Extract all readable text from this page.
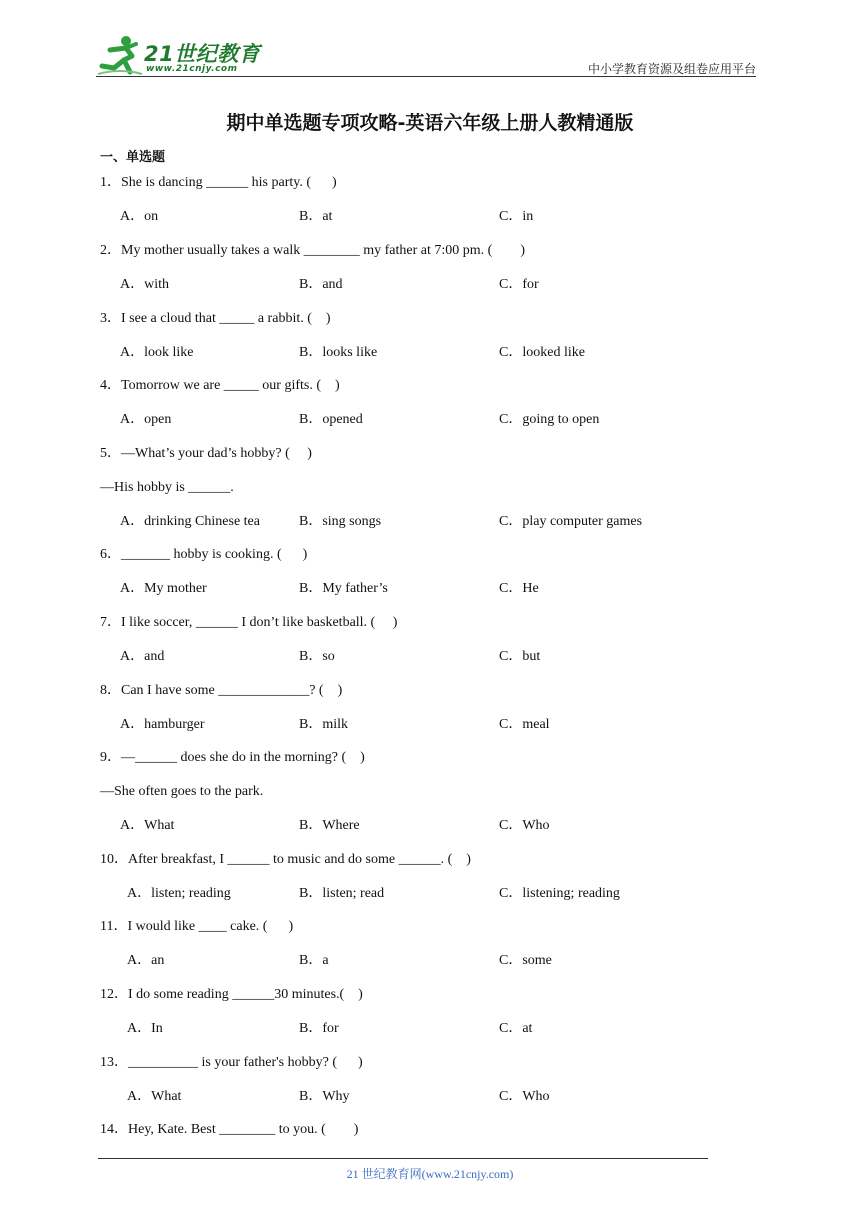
21世纪教育
www.21cnjy.com	中小学教育资源及组卷应用平台
期中单选题专项攻略-英语六年级上册人教精通版
一、单选题
1．She is dancing ______ his party. (      )
A．on	B．at	C．in
2．My mother usually takes a walk ________ my father at 7:00 pm. (        )
A．with	B．and	C．for
3．I see a cloud that _____ a rabbit. (    )
A．look like	B．looks like	C．looked like
4．Tomorrow we are _____ our gifts. (    )
A．open	B．opened	C．going to open
5．—What’s your dad’s hobby? (     )
—His hobby is ______.
A．drinking Chinese tea	B．sing songs	C．play computer games
6．_______ hobby is cooking. (      )
A．My mother	B．My father’s	C．He
7．I like soccer, ______ I don’t like basketball. (     )
A．and	B．so	C．but
8．Can I have some _____________? (    )
A．hamburger	B．milk	C．meal
9．—______ does she do in the morning? (    )
—She often goes to the park.
A．What	B．Where	C．Who
10．After breakfast, I ______ to music and do some ______. (    )
A．listen; reading	B．listen; read	C．listening; reading
11．I would like ____ cake. (      )
A．an	B．a	C．some
12．I do some reading ______30 minutes.(    )
A．In	B．for	C．at
13．__________ is your father's hobby? (      )
A．What	B．Why	C．Who
14．Hey, Kate. Best ________ to you. (        )
21 世纪教育网(www.21cnjy.com)
